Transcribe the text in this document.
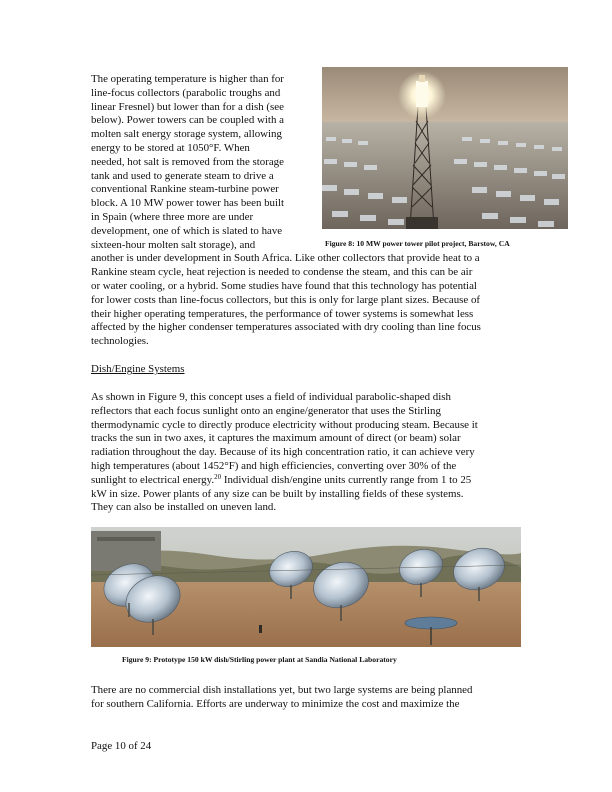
The operating temperature is higher than for
line-focus collectors (parabolic troughs and
linear Fresnel) but lower than for a dish (see
below). Power towers can be coupled with a
molten salt energy storage system, allowing
energy to be stored at 1050°F. When
needed, hot salt is removed from the storage
tank and used to generate steam to drive a
conventional Rankine steam-turbine power
block. A 10 MW power tower has been built
in Spain (where three more are under
development, one of which is slated to have
sixteen-hour molten salt storage), and
another is under development in South Africa. Like other collectors that provide heat to a
Rankine steam cycle, heat rejection is needed to condense the steam, and this can be air
or water cooling, or a hybrid. Some studies have found that this technology has potential
for lower costs than line-focus collectors, but this is only for large plant sizes. Because of
their higher operating temperatures, the performance of tower systems is somewhat less
affected by the higher condenser temperatures associated with dry cooling than line focus
technologies.

Figure 8: 10 MW power tower pilot project, Barstow, CA

Dish/Engine Systems

As shown in Figure 9, this concept uses a field of individual parabolic-shaped dish
reflectors that each focus sunlight onto an engine/generator that uses the Stirling
thermodynamic cycle to directly produce electricity without producing steam. Because it
tracks the sun in two axes, it captures the maximum amount of direct (or beam) solar
radiation throughout the day. Because of its high concentration ratio, it can achieve very
high temperatures (about 1452°F) and high efficiencies, converting over 30% of the
sunlight to electrical energy.$^{20}$ Individual dish/engine units currently range from 1 to 25
kW in size. Power plants of any size can be built by installing fields of these systems.
They can also be installed on uneven land.

Figure 9: Prototype 150 kW dish/Stirling power plant at Sandia National Laboratory

There are no commercial dish installations yet, but two large systems are being planned
for southern California. Efforts are underway to minimize the cost and maximize the

Page 10 of 24
